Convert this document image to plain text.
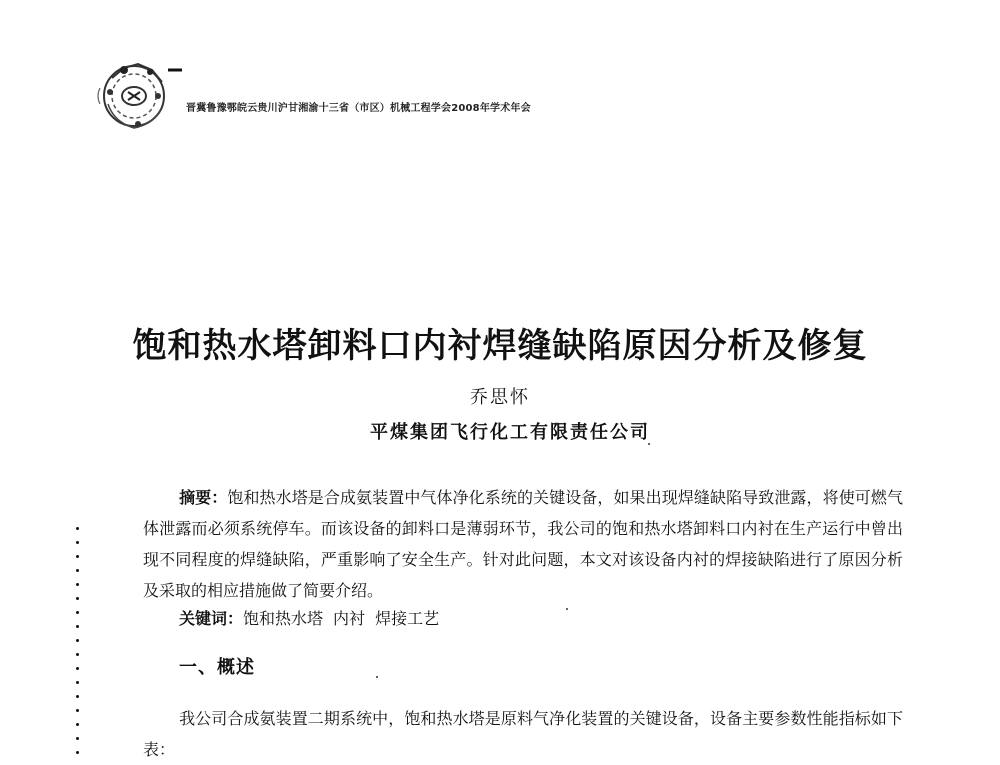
晋冀鲁豫鄂皖云贵川沪甘湘渝十三省（市区）机械工程学会2008年学术年会
饱和热水塔卸料口内衬焊缝缺陷原因分析及修复
乔思怀
平煤集团飞行化工有限责任公司
摘要：饱和热水塔是合成氨装置中气体净化系统的关键设备，如果出现焊缝缺陷导致泄露，将使可燃气体泄露而必须系统停车。而该设备的卸料口是薄弱环节，我公司的饱和热水塔卸料口内衬在生产运行中曾出现不同程度的焊缝缺陷，严重影响了安全生产。针对此问题，本文对该设备内衬的焊接缺陷进行了原因分析及采取的相应措施做了简要介绍。
关键词：饱和热水塔 内衬 焊接工艺
一、概述
我公司合成氨装置二期系统中，饱和热水塔是原料气净化装置的关键设备，设备主要参数性能指标如下表：
